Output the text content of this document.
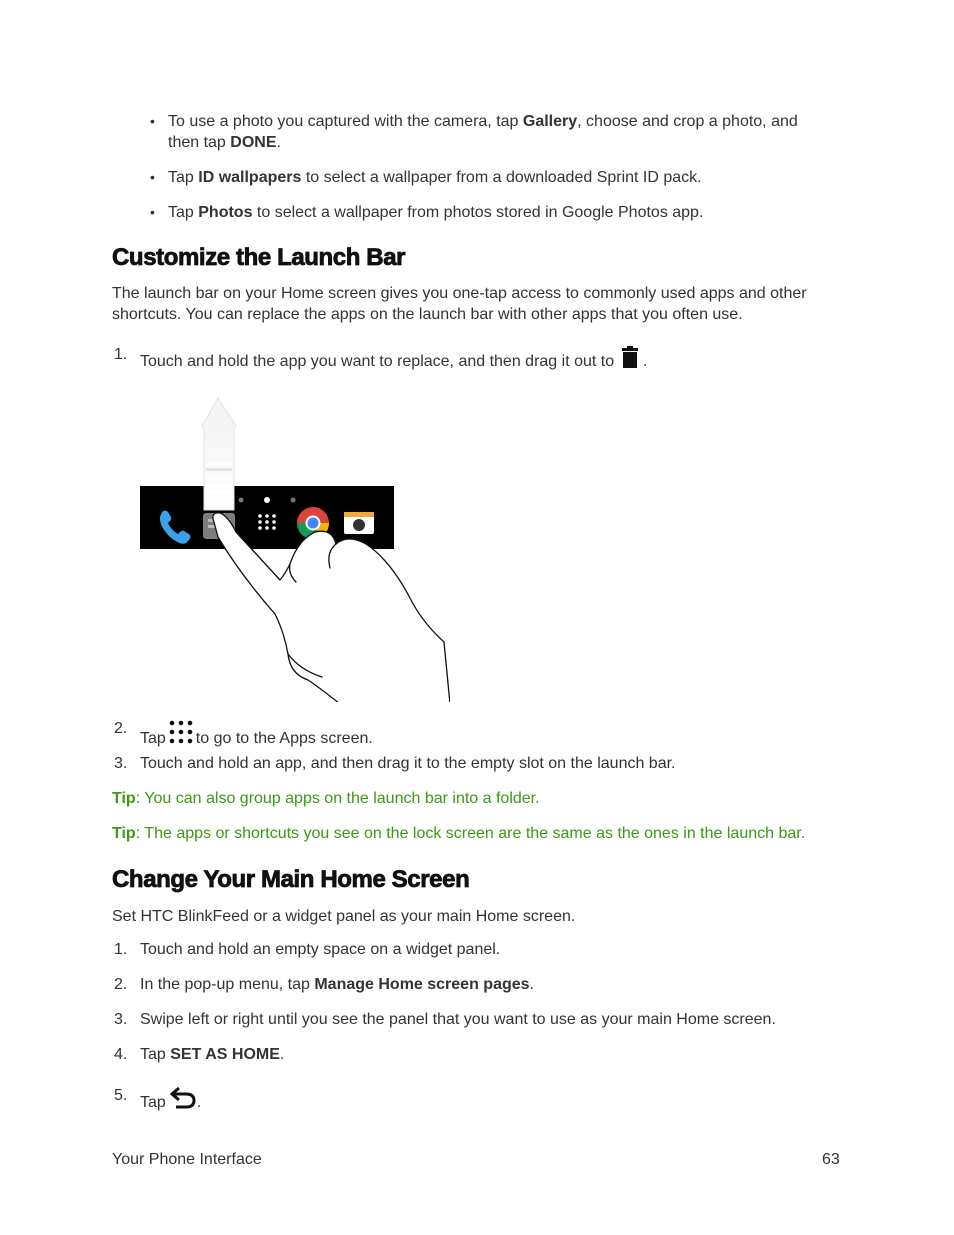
• To use a photo you captured with the camera, tap Gallery, choose and crop a photo, and then tap DONE.
• Tap ID wallpapers to select a wallpaper from a downloaded Sprint ID pack.
• Tap Photos to select a wallpaper from photos stored in Google Photos app.
Customize the Launch Bar
The launch bar on your Home screen gives you one-tap access to commonly used apps and other shortcuts. You can replace the apps on the launch bar with other apps that you often use.
1. Touch and hold the app you want to replace, and then drag it out to .
2.
Tap to go to the Apps screen.
3. Touch and hold an app, and then drag it to the empty slot on the launch bar.
Tip: You can also group apps on the launch bar into a folder.
Tip: The apps or shortcuts you see on the lock screen are the same as the ones in the launch bar.
Change Your Main Home Screen
Set HTC BlinkFeed or a widget panel as your main Home screen.
1. Touch and hold an empty space on a widget panel.
2. In the pop-up menu, tap Manage Home screen pages.
3. Swipe left or right until you see the panel that you want to use as your main Home screen.
4. Tap SET AS HOME.
5. Tap .
Your Phone Interface	63
